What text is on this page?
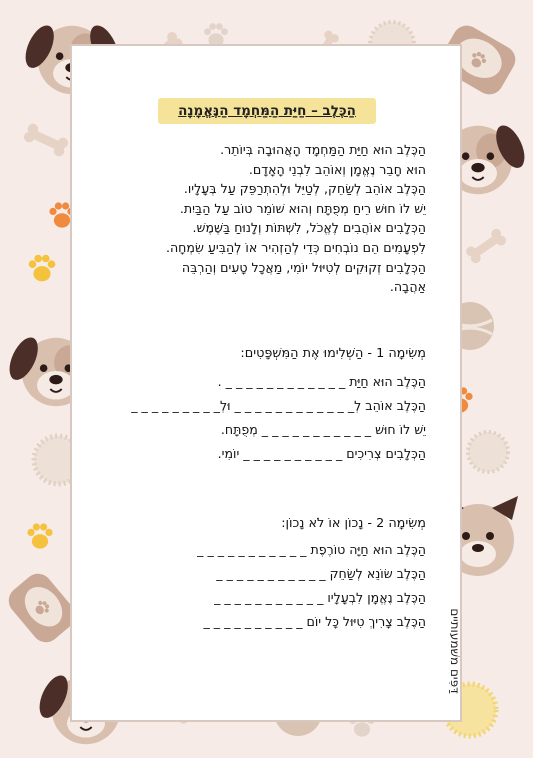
הַכֶּלֶב – חַיַּת הַמַּחְמָד הַנֶּאֱמָנָה
הַכֶּלֶב הוּא חַיַּת הַמַּחְמָד הָאֲהוּבָה בְּיוֹתֵר.
הוּא חָבֵר נֶאֱמָן וְאוֹהֵב לִבְנֵי הָאָדָם.
הַכֶּלֶב אוֹהֵב לְשַׂחֵק, לְטַיֵּל וּלְהִתְרַפֵּק עַל בְּעָלָיו.
יֵשׁ לוֹ חוּשׁ רֵיחַ מְפֻתָּח וְהוּא שׁוֹמֵר טוֹב עַל הַבַּיִת.
הַכְּלָבִים אוֹהֲבִים לֶאֱכֹל, לִשְׁתּוֹת וְלָנוּחַ בַּשֶּׁמֶשׁ.
לִפְעָמִים הֵם נוֹבְחִים כְּדֵי לְהַזְהִיר אוֹ לְהַבִּיעַ שִׂמְחָה.
הַכְּלָבִים זְקוּקִים לְטִיּוּל יוֹמִי, מַאֲכָל טָעִים וְהַרְבֵּה
אַהֲבָה.
מְשִׂימָה 1 - הַשְׁלִימוּ אֶת הַמִּשְׁפָּטִים:
הַכֶּלֶב הוּא חַיַּת _ _ _ _ _ _ _ _ _ _ _ _ .
הַכֶּלֶב אוֹהֵב לְ_ _ _ _ _ _ _ _ _ _ _ _ וּלְ_ _ _ _ _ _ _ _ _
יֵשׁ לוֹ חוּשׁ _ _ _ _ _ _ _ _ _ _ _ מְפֻתָּח.
הַכְּלָבִים צְרִיכִים _ _ _ _ _ _ _ _ _ _ יוֹמִי.
מְשִׂימָה 2 - נָכוֹן אוֹ לֹא נָכוֹן:
הַכֶּלֶב הוּא חַיָּה טוֹרֶפֶת _ _ _ _ _ _ _ _ _ _ _
הַכֶּלֶב שׂוֹנֵא לְשַׂחֵק _ _ _ _ _ _ _ _ _ _ _
הַכֶּלֶב נֶאֱמָן לִבְעָלָיו _ _ _ _ _ _ _ _ _ _ _
הַכֶּלֶב צָרִיךְ טִיּוּל כָּל יוֹם _ _ _ _ _ _ _ _ _ _	דַּפִּים משׁמעותיים
